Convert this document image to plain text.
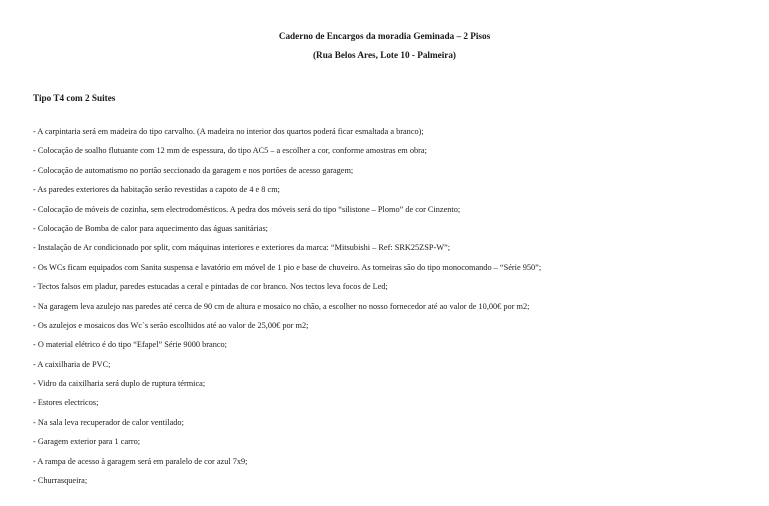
Caderno de Encargos da moradia Geminada – 2 Pisos
(Rua Belos Ares, Lote 10 - Palmeira)
Tipo T4 com 2 Suites
- A carpintaria será em madeira do tipo carvalho. (A madeira no interior dos quartos poderá ficar esmaltada a branco);
- Colocação de soalho flutuante com 12 mm de espessura, do tipo AC5 – a escolher a cor, conforme amostras em obra;
- Colocação de automatismo no portão seccionado da garagem e nos portões de acesso garagem;
- As paredes exteriores da habitação serão revestidas a capoto de 4 e 8 cm;
- Colocação de móveis de cozinha, sem electrodomésticos. A pedra dos móveis será do tipo “silistone – Plomo” de cor Cinzento;
- Colocação de Bomba de calor para aquecimento das águas sanitárias;
- Instalação de Ar condicionado por split, com máquinas interiores e exteriores da marca: “Mitsubishi – Ref: SRK25ZSP-W”;
- Os WCs ficam equipados com Sanita suspensa e lavatório em móvel de 1 pio e base de chuveiro. As torneiras são do tipo monocomando – “Série 950”;
- Tectos falsos em pladur, paredes estucadas a ceral e pintadas de cor branco. Nos tectos leva focos de Led;
- Na garagem leva azulejo nas paredes até cerca de 90 cm de altura e mosaico no chão, a escolher no nosso fornecedor até ao valor de 10,00€ por m2;
- Os azulejos e mosaicos dos Wc`s serão escolhidos até ao valor de 25,00€ por m2;
- O material elétrico é do tipo “Efapel” Série 9000 branco;
- A caixilharia de PVC;
- Vidro da caixilharia será duplo de ruptura térmica;
- Estores electricos;
- Na sala leva recuperador de calor ventilado;
- Garagem exterior para 1 carro;
- A rampa de acesso à garagem será em paralelo de cor azul 7x9;
- Churrasqueira;
